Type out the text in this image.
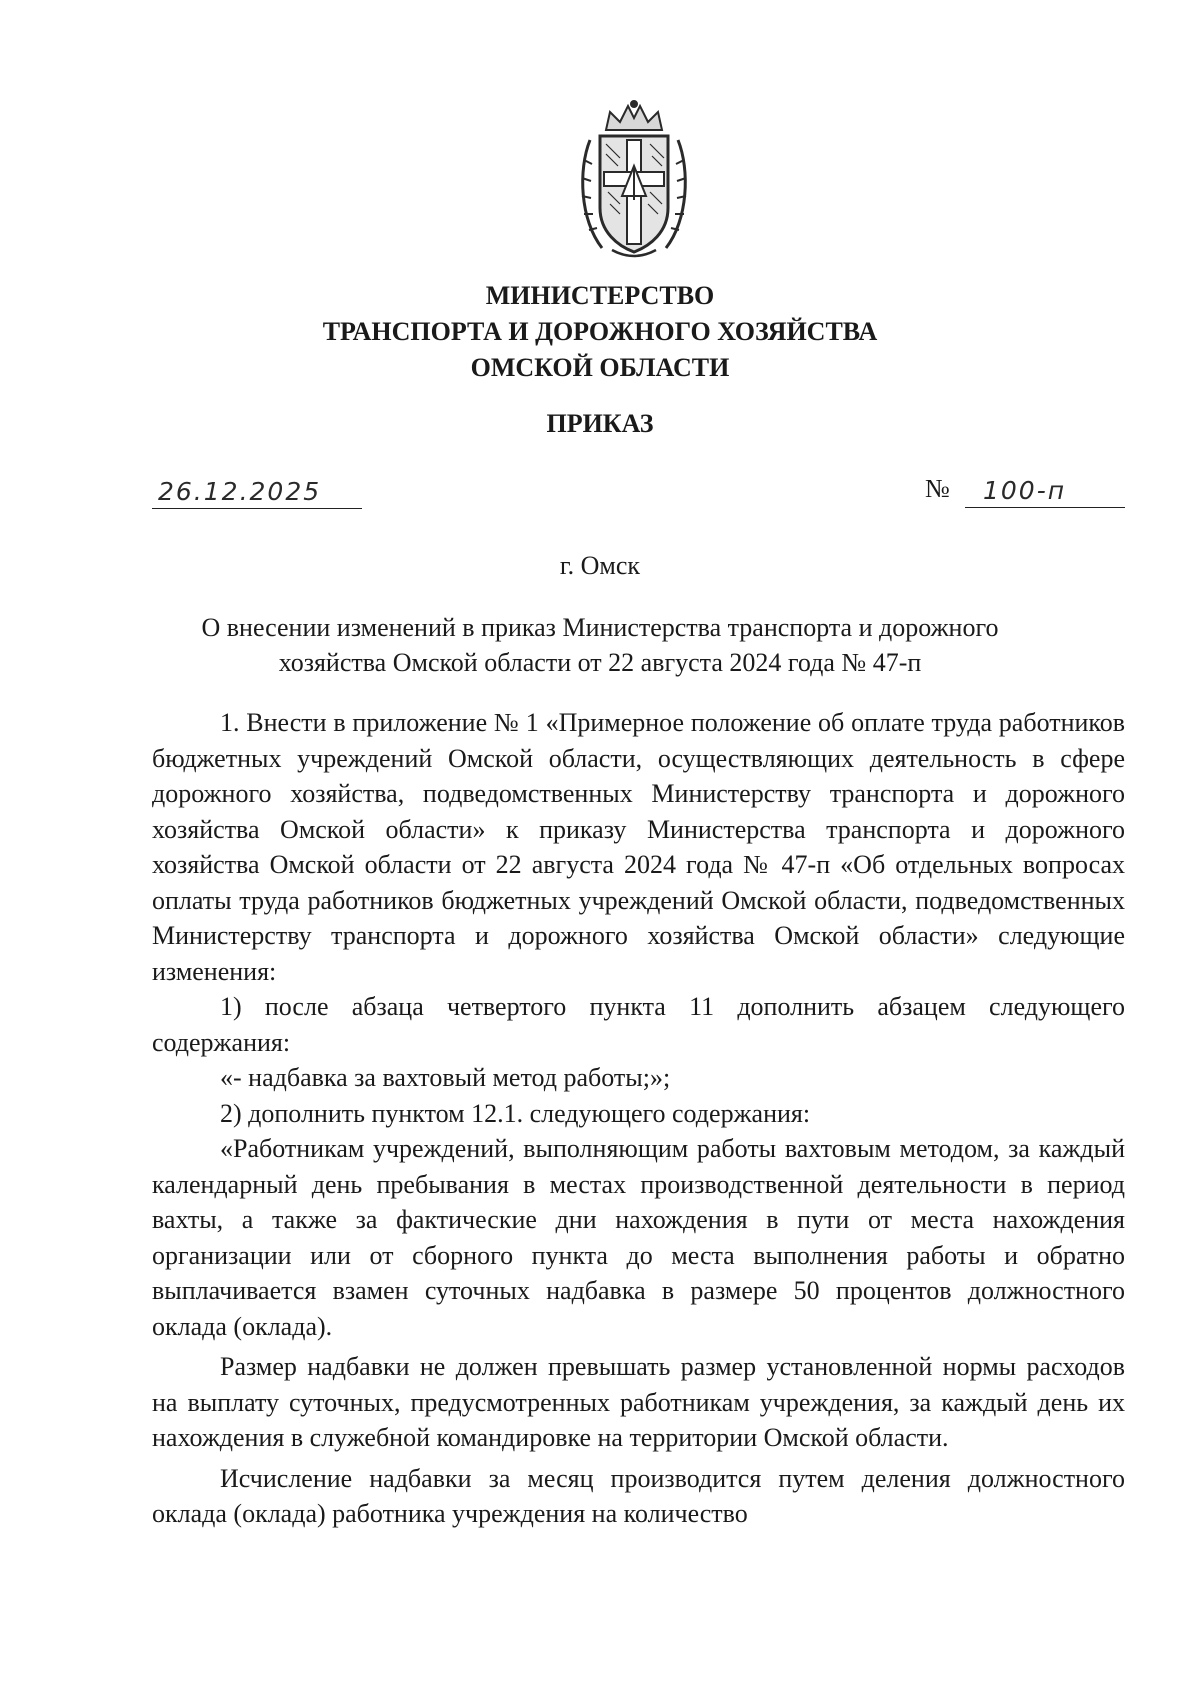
МИНИСТЕРСТВО
ТРАНСПОРТА И ДОРОЖНОГО ХОЗЯЙСТВА
ОМСКОЙ ОБЛАСТИ
ПРИКАЗ
26.12.2025	№ 100-п
г. Омск
О внесении изменений в приказ Министерства транспорта и дорожного
хозяйства Омской области от 22 августа 2024 года № 47-п

1. Внести в приложение № 1 «Примерное положение об оплате труда работников бюджетных учреждений Омской области, осуществляющих деятельность в сфере дорожного хозяйства, подведомственных Министерству транспорта и дорожного хозяйства Омской области» к приказу Министерства транспорта и дорожного хозяйства Омской области от 22 августа 2024 года № 47-п «Об отдельных вопросах оплаты труда работников бюджетных учреждений Омской области, подведомственных Министерству транспорта и дорожного хозяйства Омской области» следующие изменения:

1) после абзаца четвертого пункта 11 дополнить абзацем следующего содержания:

«- надбавка за вахтовый метод работы;»;

2) дополнить пунктом 12.1. следующего содержания:

«Работникам учреждений, выполняющим работы вахтовым методом, за каждый календарный день пребывания в местах производственной деятельности в период вахты, а также за фактические дни нахождения в пути от места нахождения организации или от сборного пункта до места выполнения работы и обратно выплачивается взамен суточных надбавка в размере 50 процентов должностного оклада (оклада).

Размер надбавки не должен превышать размер установленной нормы расходов на выплату суточных, предусмотренных работникам учреждения, за каждый день их нахождения в служебной командировке на территории Омской области.

Исчисление надбавки за месяц производится путем деления должностного оклада (оклада) работника учреждения на количество
